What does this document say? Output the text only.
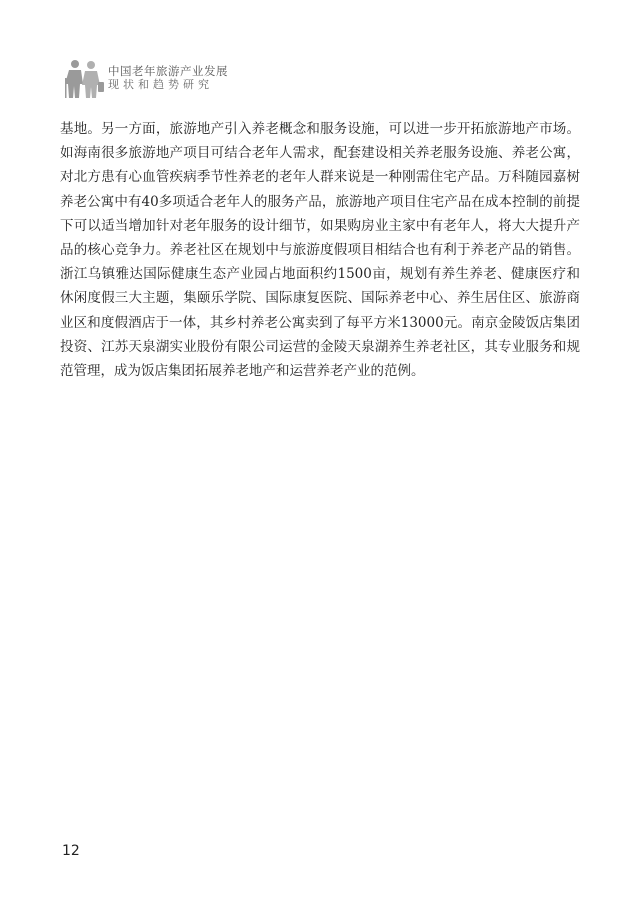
中国老年旅游产业发展
现状和趋势研究

基地。另一方面，旅游地产引入养老概念和服务设施，可以进一步开拓旅游地产市场。如海南很多旅游地产项目可结合老年人需求，配套建设相关养老服务设施、养老公寓，对北方患有心血管疾病季节性养老的老年人群来说是一种刚需住宅产品。万科随园嘉树养老公寓中有40多项适合老年人的服务产品，旅游地产项目住宅产品在成本控制的前提下可以适当增加针对老年服务的设计细节，如果购房业主家中有老年人，将大大提升产品的核心竞争力。养老社区在规划中与旅游度假项目相结合也有利于养老产品的销售。浙江乌镇雅达国际健康生态产业园占地面积约1500亩，规划有养生养老、健康医疗和休闲度假三大主题，集颐乐学院、国际康复医院、国际养老中心、养生居住区、旅游商业区和度假酒店于一体，其乡村养老公寓卖到了每平方米13000元。南京金陵饭店集团投资、江苏天泉湖实业股份有限公司运营的金陵天泉湖养生养老社区，其专业服务和规范管理，成为饭店集团拓展养老地产和运营养老产业的范例。

12
